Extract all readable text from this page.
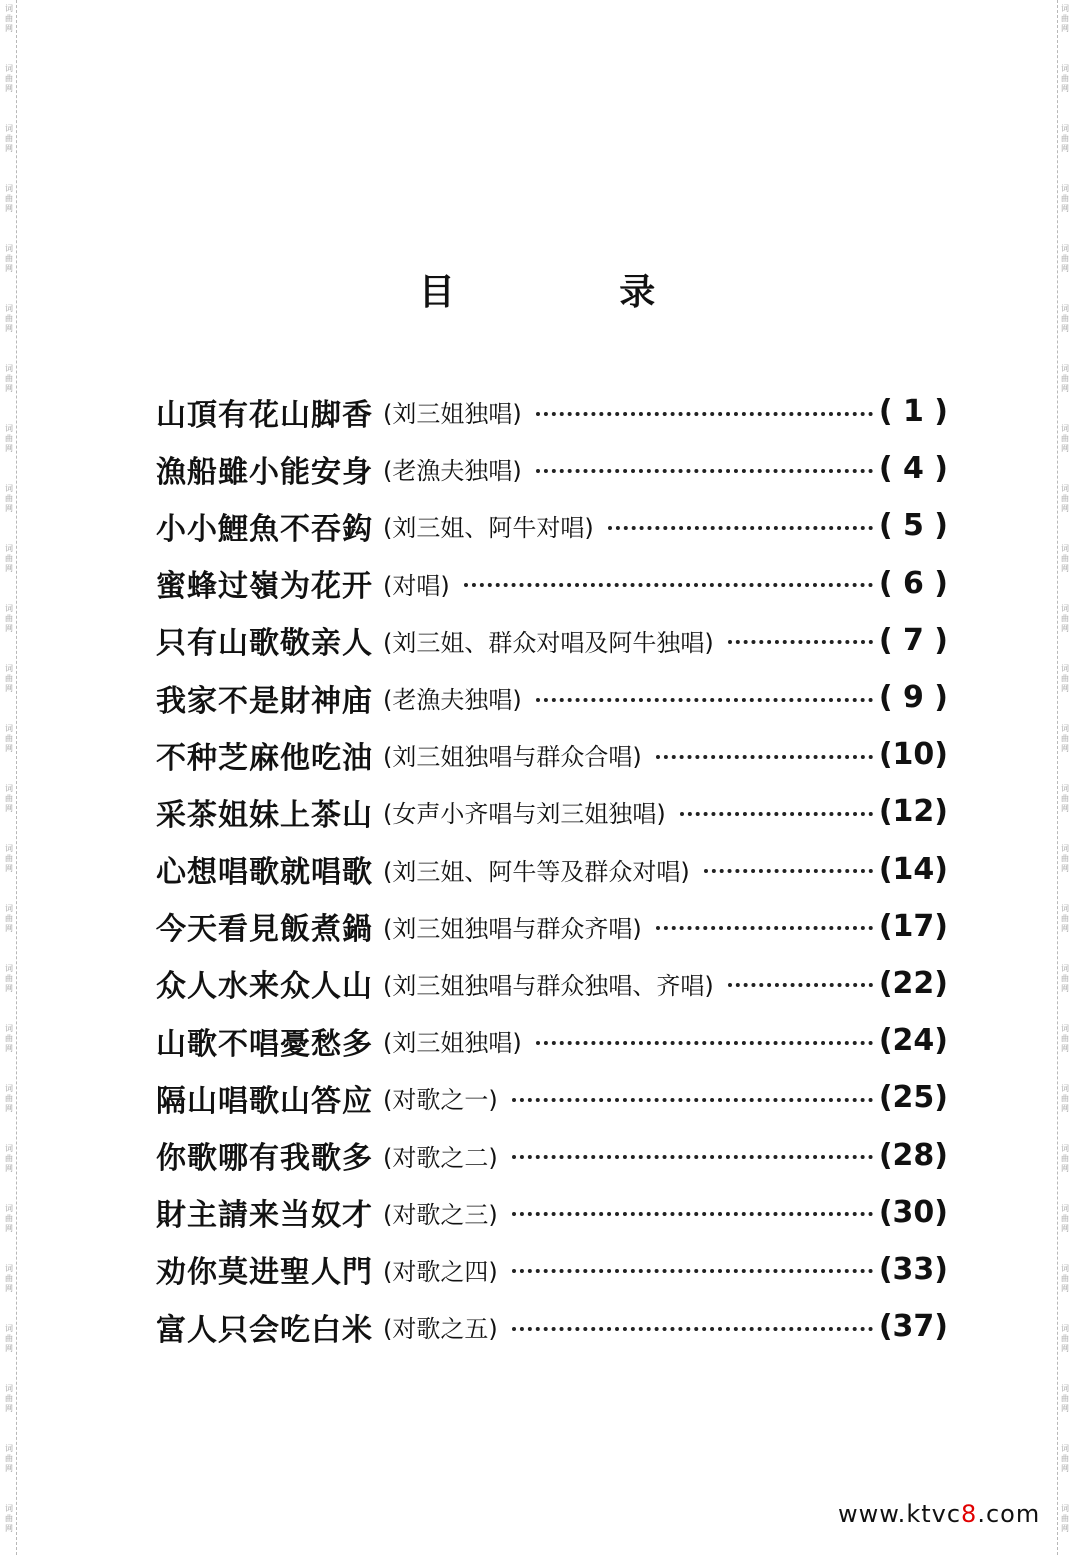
词
曲
网
词
曲
网
词
曲
网
词
曲
网
词
曲
网
词
曲
网
词
曲
网
词
曲
网
词
曲
网
词
曲
网
词
曲
网
词
曲
网
词
曲
网
词
曲
网
词
曲
网
词
曲
网
词
曲
网
词
曲
网
词
曲
网
词
曲
网
词
曲
网
词
曲
网
词
曲
网
词
曲
网
词
曲
网
词
曲
网
词
曲
网
词
曲
网
词
曲
网
词
曲
网
词
曲
网
词
曲
网
词
曲
网
词
曲
网
词
曲
网
词
曲
网
词
曲
网
词
曲
网
词
曲
网
词
曲
网
词
曲
网
词
曲
网
词
曲
网
词
曲
网
词
曲
网
词
曲
网
词
曲
网
词
曲
网
词
曲
网
词
曲
网
词
曲
网
词
曲
网
目 录
山頂有花山脚香 (刘三姐独唱)	( 1 )
漁船雖小能安身 (老漁夫独唱)	( 4 )
小小鯉魚不吞鈎 (刘三姐、阿牛对唱)	( 5 )
蜜蜂过嶺为花开 (对唱)	( 6 )
只有山歌敬亲人 (刘三姐、群众对唱及阿牛独唱)	( 7 )
我家不是財神庙 (老漁夫独唱)	( 9 )
不种芝麻他吃油 (刘三姐独唱与群众合唱)	(10)
采茶姐妹上茶山 (女声小齐唱与刘三姐独唱)	(12)
心想唱歌就唱歌 (刘三姐、阿牛等及群众对唱)	(14)
今天看見飯煮鍋 (刘三姐独唱与群众齐唱)	(17)
众人水来众人山 (刘三姐独唱与群众独唱、齐唱)	(22)
山歌不唱憂愁多 (刘三姐独唱)	(24)
隔山唱歌山答应 (对歌之一)	(25)
你歌哪有我歌多 (对歌之二)	(28)
財主請来当奴才 (对歌之三)	(30)
劝你莫进聖人門 (对歌之四)	(33)
富人只会吃白米 (对歌之五)	(37)
www.ktvc8.com
